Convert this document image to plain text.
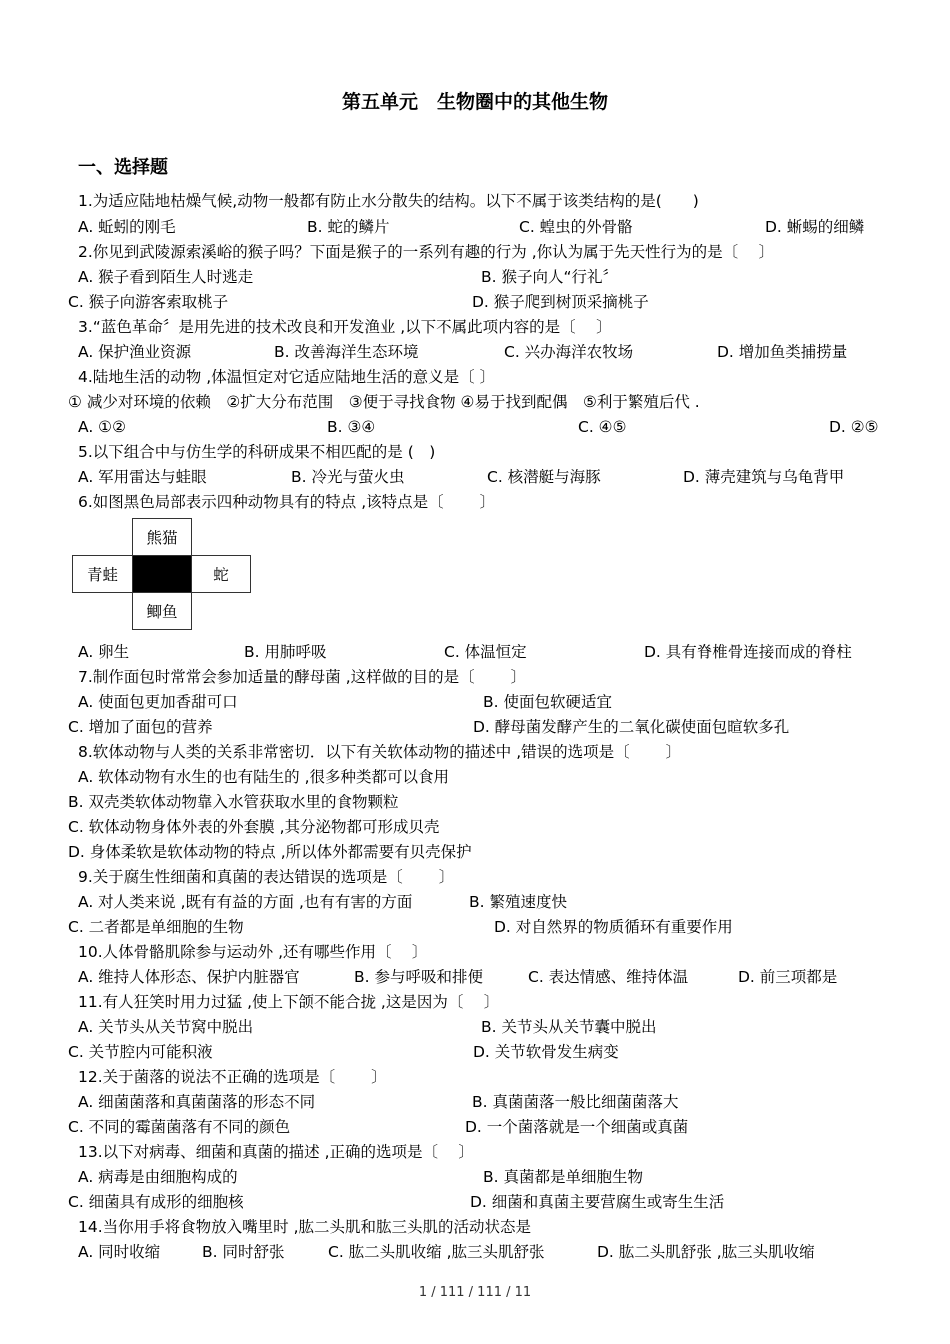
第五单元　生物圈中的其他生物
一、选择题
1.为适应陆地枯燥气候,动物一般都有防止水分散失的结构。以下不属于该类结构的是(　　)
A. 蚯蚓的刚毛	B. 蛇的鳞片	C. 蝗虫的外骨骼	D. 蜥蜴的细鳞
2.你见到武陵源索溪峪的猴子吗？下面是猴子的一系列有趣的行为 ,你认为属于先天性行为的是〔　 〕
A. 猴子看到陌生人时逃走	B. 猴子向人“行礼〞
C. 猴子向游客索取桃子	D. 猴子爬到树顶采摘桃子
3.“蓝色革命〞是用先进的技术改良和开发渔业 ,以下不属此项内容的是〔　 〕
A. 保护渔业资源	B. 改善海洋生态环境	C. 兴办海洋农牧场	D. 增加鱼类捕捞量
4.陆地生活的动物 ,体温恒定对它适应陆地生活的意义是〔 〕
① 减少对环境的依赖　②扩大分布范围　③便于寻找食物 ④易于找到配偶　⑤利于繁殖后代 .
A. ①②	B. ③④	C. ④⑤	D. ②⑤
5.以下组合中与仿生学的科研成果不相匹配的是 (　)
A. 军用雷达与蛙眼	B. 冷光与萤火虫	C. 核潜艇与海豚	D. 薄壳建筑与乌龟背甲
6.如图黑色局部表示四种动物具有的特点 ,该特点是〔　 　〕
熊猫
青蛙	蛇
鲫鱼
A. 卵生	B. 用肺呼吸	C. 体温恒定	D. 具有脊椎骨连接而成的脊柱
7.制作面包时常常会参加适量的酵母菌 ,这样做的目的是〔　 　〕
A. 使面包更加香甜可口	B. 使面包软硬适宜
C. 增加了面包的营养	D. 酵母菌发酵产生的二氧化碳使面包暄软多孔
8.软体动物与人类的关系非常密切．以下有关软体动物的描述中 ,错误的选项是〔　 　〕
A. 软体动物有水生的也有陆生的 ,很多种类都可以食用
B. 双壳类软体动物靠入水管获取水里的食物颗粒
C. 软体动物身体外表的外套膜 ,其分泌物都可形成贝壳
D. 身体柔软是软体动物的特点 ,所以体外都需要有贝壳保护
9.关于腐生性细菌和真菌的表达错误的选项是〔　 　〕
A. 对人类来说 ,既有有益的方面 ,也有有害的方面	B. 繁殖速度快
C. 二者都是单细胞的生物	D. 对自然界的物质循环有重要作用
10.人体骨骼肌除参与运动外 ,还有哪些作用〔　 〕
A. 维持人体形态、保护内脏器官	B. 参与呼吸和排便	C. 表达情感、维持体温	D. 前三项都是
11.有人狂笑时用力过猛 ,使上下颌不能合拢 ,这是因为〔　 〕
A. 关节头从关节窝中脱出	B. 关节头从关节囊中脱出
C. 关节腔内可能积液	D. 关节软骨发生病变
12.关于菌落的说法不正确的选项是〔　 　〕
A. 细菌菌落和真菌菌落的形态不同	B. 真菌菌落一般比细菌菌落大
C. 不同的霉菌菌落有不同的颜色	D. 一个菌落就是一个细菌或真菌
13.以下对病毒、细菌和真菌的描述 ,正确的选项是〔　 〕
A. 病毒是由细胞构成的	B. 真菌都是单细胞生物
C. 细菌具有成形的细胞核	D. 细菌和真菌主要营腐生或寄生生活
14.当你用手将食物放入嘴里时 ,肱二头肌和肱三头肌的活动状态是
A. 同时收缩	B. 同时舒张	C. 肱二头肌收缩 ,肱三头肌舒张	D. 肱二头肌舒张 ,肱三头肌收缩
1 / 111 / 111 / 11
